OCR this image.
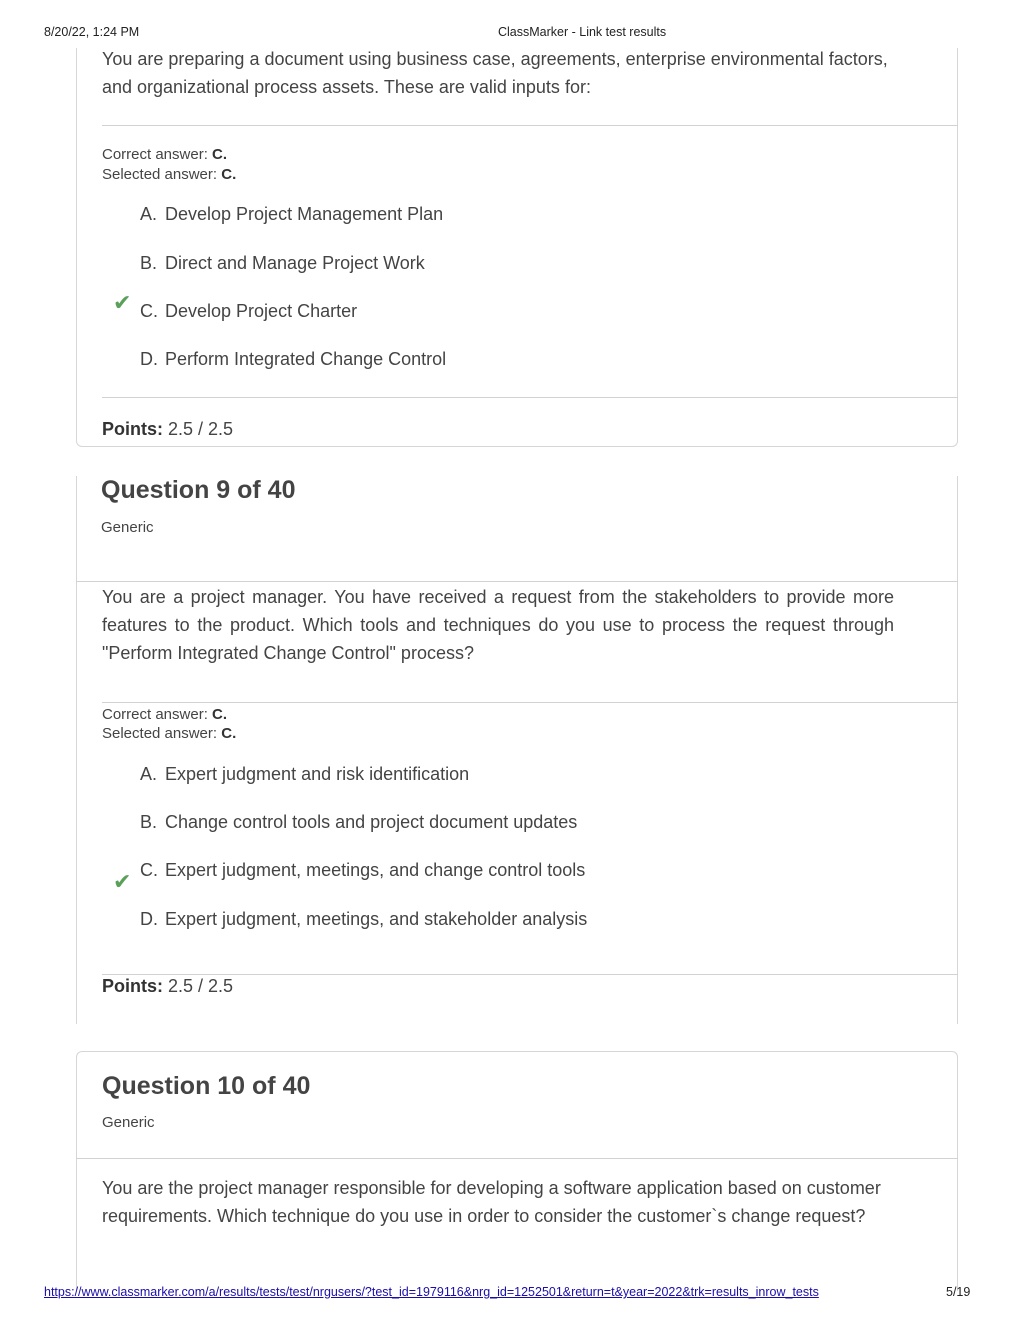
8/20/22, 1:24 PM	ClassMarker - Link test results
You are preparing a document using business case, agreements, enterprise environmental factors, and organizational process assets. These are valid inputs for:
Correct answer: C.
Selected answer: C.
A. Develop Project Management Plan
B. Direct and Manage Project Work
✔ C. Develop Project Charter
D. Perform Integrated Change Control
Points: 2.5 / 2.5
Question 9 of 40
Generic
You are a project manager. You have received a request from the stakeholders to provide more features to the product. Which tools and techniques do you use to process the request through "Perform Integrated Change Control" process?
Correct answer: C.
Selected answer: C.
A. Expert judgment and risk identification
B. Change control tools and project document updates
C. Expert judgment, meetings, and change control tools
✔
D. Expert judgment, meetings, and stakeholder analysis
Points: 2.5 / 2.5
Question 10 of 40
Generic
You are the project manager responsible for developing a software application based on customer requirements. Which technique do you use in order to consider the customer`s change request?
https://www.classmarker.com/a/results/tests/test/nrgusers/?test_id=1979116&nrg_id=1252501&return=t&year=2022&trk=results_inrow_tests	5/19
